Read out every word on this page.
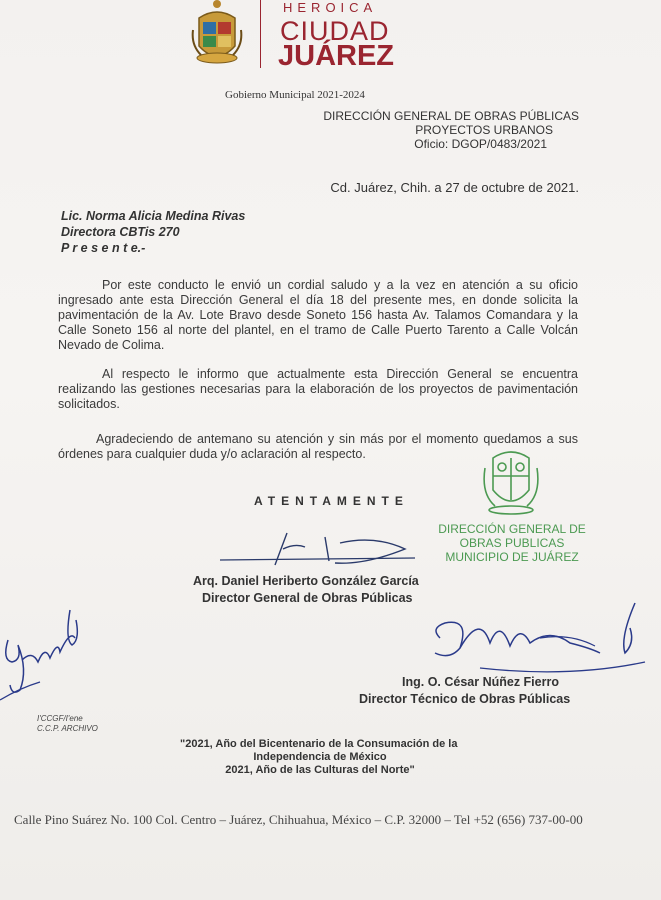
HEROICA
CIUDAD
JUÁREZ
Gobierno Municipal 2021-2024
DIRECCIÓN GENERAL DE OBRAS PÚBLICAS
PROYECTOS URBANOS
Oficio: DGOP/0483/2021
Cd. Juárez, Chih. a 27 de octubre de 2021.
Lic. Norma Alicia Medina Rivas
Directora CBTis 270
P r e s e n t e.-

Por este conducto le envió un cordial saludo y a la vez en atención a su oficio ingresado ante esta Dirección General el día 18 del presente mes, en donde solicita la pavimentación de la Av. Lote Bravo desde Soneto 156 hasta Av. Talamos Comandara y la Calle Soneto 156 al norte del plantel, en el tramo de Calle Puerto Tarento a Calle Volcán Nevado de Colima.

Al respecto le informo que actualmente esta Dirección General se encuentra realizando las gestiones necesarias para la elaboración de los proyectos de pavimentación solicitados.

Agradeciendo de antemano su atención y sin más por el momento quedamos a sus órdenes para cualquier duda y/o aclaración al respecto.

ATENTAMENTE
Arq. Daniel Heriberto González García
Director General de Obras Públicas
DIRECCIÓN GENERAL DE
OBRAS PUBLICAS
MUNICIPIO DE JUÁREZ
Ing. O. César Núñez Fierro
Director Técnico de Obras Públicas
I'CCGF/I'ene
C.C.P. ARCHIVO
"2021, Año del Bicentenario de la Consumación de la
Independencia de México
2021, Año de las Culturas del Norte"
Calle Pino Suárez No. 100 Col. Centro – Juárez, Chihuahua, México – C.P. 32000 – Tel +52 (656) 737-00-00
